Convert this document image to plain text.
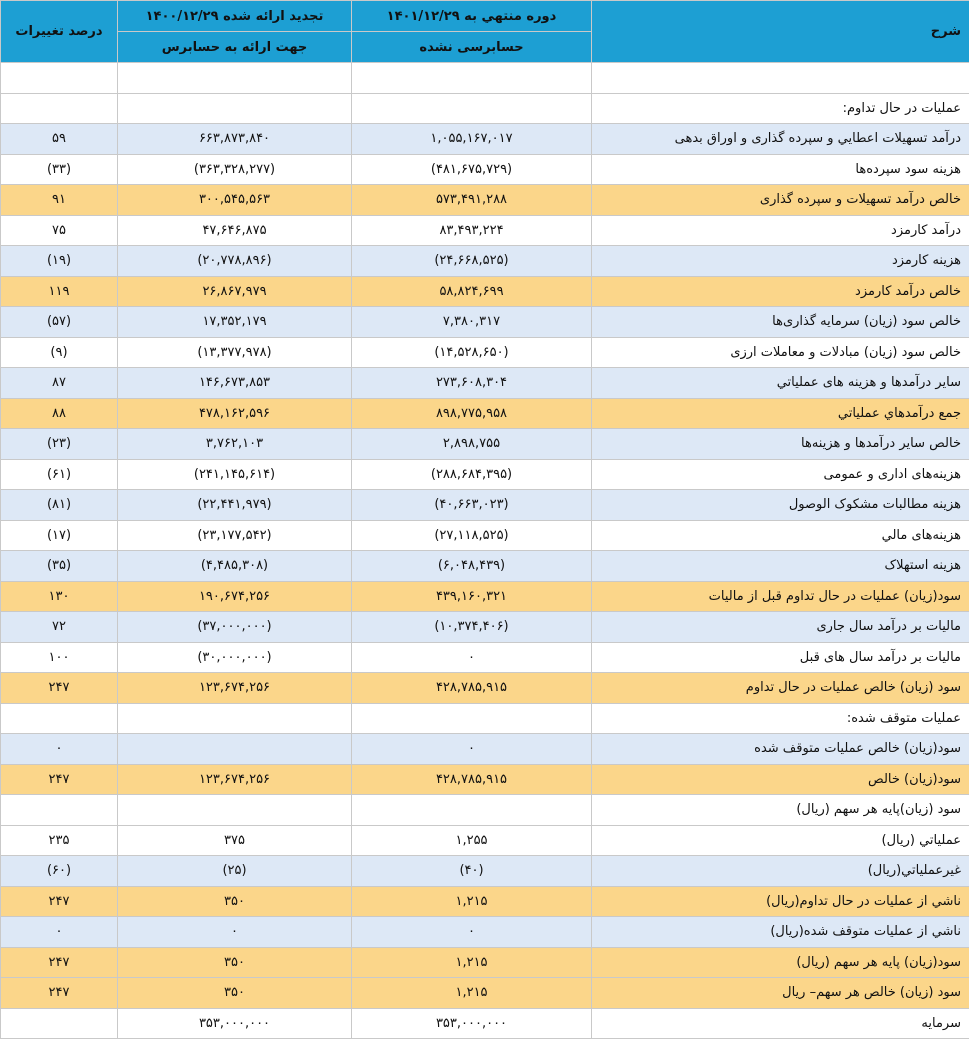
شرح	دوره منتهي به ۱۴۰۱/۱۲/۲۹	تجدید ارائه شده ۱۴۰۰/۱۲/۲۹	درصد تغییرات
	حسابرسی نشده	جهت ارائه به حسابرس	

عملیات در حال تداوم:			
درآمد تسهیلات اعطایي و سپرده گذاری و اوراق بدهی	۱,۰۵۵,۱۶۷,۰۱۷	۶۶۳,۸۷۳,۸۴۰	۵۹
هزينه سود سپرده‌ها	(۴۸۱,۶۷۵,۷۲۹)	(۳۶۳,۳۲۸,۲۷۷)	(۳۳)
خالص درآمد تسهیلات و سپرده گذاری	۵۷۳,۴۹۱,۲۸۸	۳۰۰,۵۴۵,۵۶۳	۹۱
درآمد کارمزد	۸۳,۴۹۳,۲۲۴	۴۷,۶۴۶,۸۷۵	۷۵
هزينه کارمزد	(۲۴,۶۶۸,۵۲۵)	(۲۰,۷۷۸,۸۹۶)	(۱۹)
خالص درآمد کارمزد	۵۸,۸۲۴,۶۹۹	۲۶,۸۶۷,۹۷۹	۱۱۹
خالص سود (زیان) سرمایه گذاری‌ها	۷,۳۸۰,۳۱۷	۱۷,۳۵۲,۱۷۹	(۵۷)
خالص سود (زیان) مبادلات و معاملات ارزی	(۱۴,۵۲۸,۶۵۰)	(۱۳,۳۷۷,۹۷۸)	(۹)
سایر درآمدها و هزینه های عملیاتي	۲۷۳,۶۰۸,۳۰۴	۱۴۶,۶۷۳,۸۵۳	۸۷
جمع درآمدهاي عملیاتي	۸۹۸,۷۷۵,۹۵۸	۴۷۸,۱۶۲,۵۹۶	۸۸
خالص سایر درآمدها و هزینه‌ها	۲,۸۹۸,۷۵۵	۳,۷۶۲,۱۰۳	(۲۳)
هزینه‌های اداری و عمومی	(۲۸۸,۶۸۴,۳۹۵)	(۲۴۱,۱۴۵,۶۱۴)	(۶۱)
هزینه مطالبات مشکوک الوصول	(۴۰,۶۶۳,۰۲۳)	(۲۲,۴۴۱,۹۷۹)	(۸۱)
هزینه‌های مالي	(۲۷,۱۱۸,۵۲۵)	(۲۳,۱۷۷,۵۴۲)	(۱۷)
هزینه استهلاک	(۶,۰۴۸,۴۳۹)	(۴,۴۸۵,۳۰۸)	(۳۵)
سود(زیان) عملیات در حال تداوم قبل از مالیات	۴۳۹,۱۶۰,۳۲۱	۱۹۰,۶۷۴,۲۵۶	۱۳۰
مالیات بر درآمد سال جاری	(۱۰,۳۷۴,۴۰۶)	(۳۷,۰۰۰,۰۰۰)	۷۲
مالیات بر درآمد سال های قبل	۰	(۳۰,۰۰۰,۰۰۰)	۱۰۰
سود (زیان) خالص عملیات در حال تداوم	۴۲۸,۷۸۵,۹۱۵	۱۲۳,۶۷۴,۲۵۶	۲۴۷
عملیات متوقف شده:			
سود(زیان) خالص عملیات متوقف شده	۰		۰
سود(زیان) خالص	۴۲۸,۷۸۵,۹۱۵	۱۲۳,۶۷۴,۲۵۶	۲۴۷
سود (زیان)پایه هر سهم (ریال)			
عملیاتي (ریال)	۱,۲۵۵	۳۷۵	۲۳۵
غیرعملیاتي(ریال)	(۴۰)	(۲۵)	(۶۰)
ناشي از عملیات در حال تداوم(ریال)	۱,۲۱۵	۳۵۰	۲۴۷
ناشي از عملیات متوقف شده(ریال)	۰	۰	۰
سود(زیان) پایه هر سهم (ریال)	۱,۲۱۵	۳۵۰	۲۴۷
سود (زیان) خالص هر سهم– ریال	۱,۲۱۵	۳۵۰	۲۴۷
سرمایه	۳۵۳,۰۰۰,۰۰۰	۳۵۳,۰۰۰,۰۰۰	
